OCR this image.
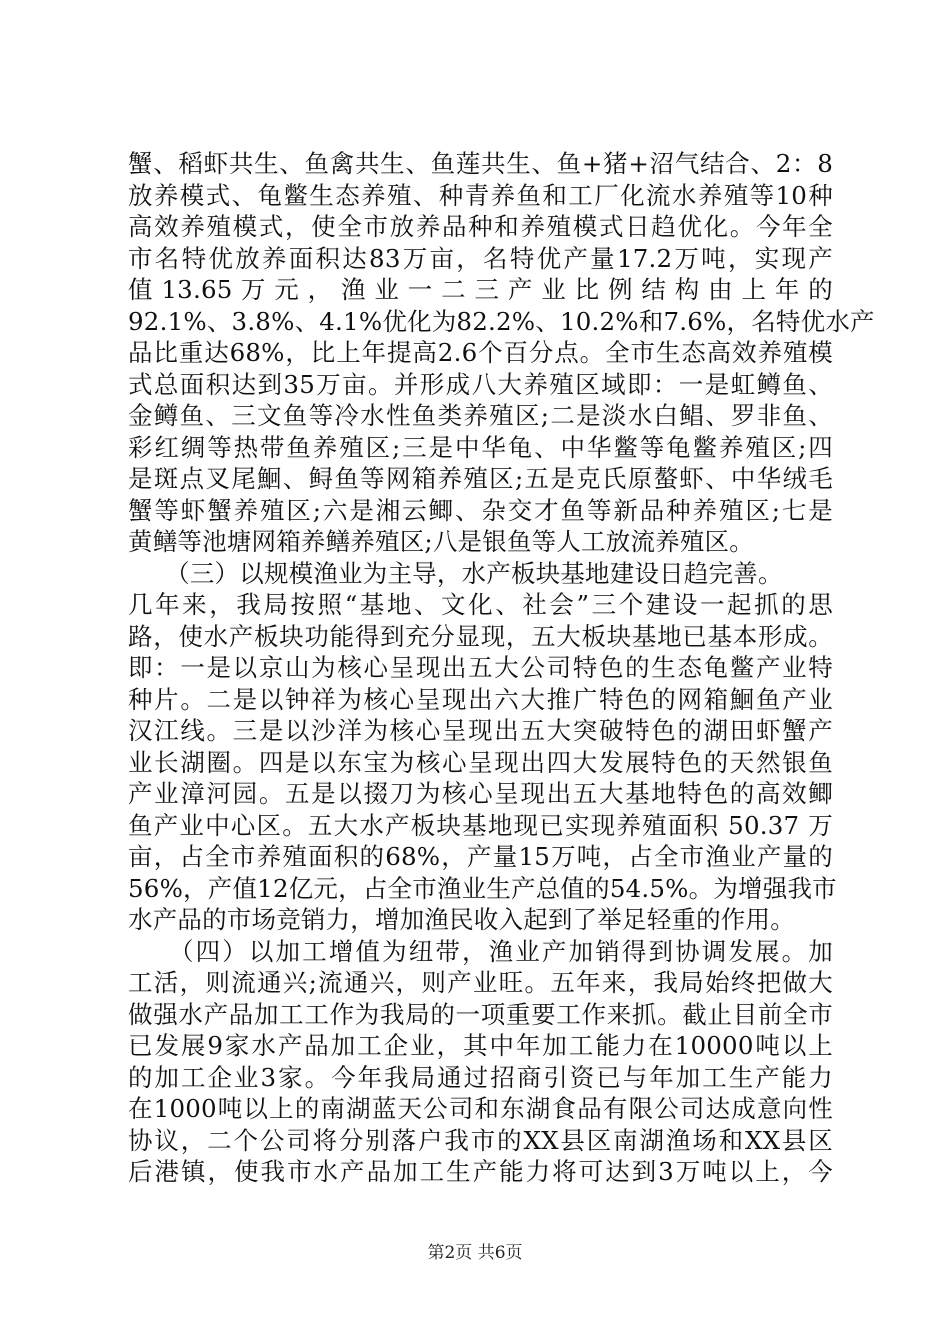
蟹、稻虾共生、鱼禽共生、鱼莲共生、鱼+猪+沼气结合、2：8
放养模式、龟鳖生态养殖、种青养鱼和工厂化流水养殖等10种
高效养殖模式，使全市放养品种和养殖模式日趋优化。今年全
市名特优放养面积达83万亩，名特优产量17.2万吨，实现产
值 13.65 万 元 ， 渔 业 一 二 三 产 业 比 例 结 构 由 上 年 的
92.1%、3.8%、4.1%优化为82.2%、10.2%和7.6%，名特优水产
品比重达68%，比上年提高2.6个百分点。全市生态高效养殖模
式总面积达到35万亩。并形成八大养殖区域即：一是虹鳟鱼、
金鳟鱼、三文鱼等冷水性鱼类养殖区;二是淡水白鲳、罗非鱼、
彩红绸等热带鱼养殖区;三是中华龟、中华鳖等龟鳖养殖区;四
是斑点叉尾鮰、鲟鱼等网箱养殖区;五是克氏原螯虾、中华绒毛
蟹等虾蟹养殖区;六是湘云鲫、杂交才鱼等新品种养殖区;七是
黄鳝等池塘网箱养鳝养殖区;八是银鱼等人工放流养殖区。
　　（三）以规模渔业为主导，水产板块基地建设日趋完善。
几年来，我局按照“基地、文化、社会”三个建设一起抓的思
路，使水产板块功能得到充分显现，五大板块基地已基本形成。
即：一是以京山为核心呈现出五大公司特色的生态龟鳖产业特
种片。二是以钟祥为核心呈现出六大推广特色的网箱鮰鱼产业
汉江线。三是以沙洋为核心呈现出五大突破特色的湖田虾蟹产
业长湖圈。四是以东宝为核心呈现出四大发展特色的天然银鱼
产业漳河园。五是以掇刀为核心呈现出五大基地特色的高效鲫
鱼产业中心区。五大水产板块基地现已实现养殖面积 50.37 万
亩，占全市养殖面积的68%，产量15万吨，占全市渔业产量的
56%，产值12亿元，占全市渔业生产总值的54.5%。为增强我市
水产品的市场竞销力，增加渔民收入起到了举足轻重的作用。
　　（四）以加工增值为纽带，渔业产加销得到协调发展。加
工活，则流通兴;流通兴，则产业旺。五年来，我局始终把做大
做强水产品加工工作为我局的一项重要工作来抓。截止目前全市
已发展9家水产品加工企业，其中年加工能力在10000吨以上
的加工企业3家。今年我局通过招商引资已与年加工生产能力
在1000吨以上的南湖蓝天公司和东湖食品有限公司达成意向性
协议，二个公司将分别落户我市的XX县区南湖渔场和XX县区
后港镇，使我市水产品加工生产能力将可达到3万吨以上，今
第2页 共6页
